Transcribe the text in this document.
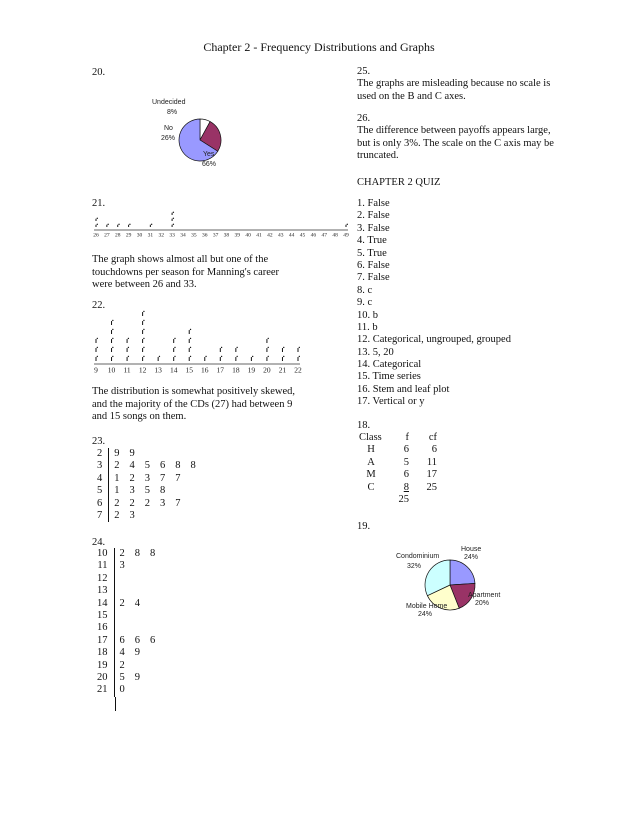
Chapter 2 - Frequency Distributions and Graphs
20.
Undecided
8%
No
26%
Yes
66%
21.
26 27 28 29 30 31 32 33 34 35 36 37 38 39 40 41 42 43 44 45 46 47 48 49
The graph shows almost all but one of the touchdowns per season for Manning's career were between 26 and 33.
22.
9 10 11 12 13 14 15 16 17 18 19 20 21 22
The distribution is somewhat positively skewed, and the majority of the CDs (27) had between 9 and 15 songs on them.
23.
2	9	9				
3	2	4	5	6	8	8
4	1	2	3	7	7	
5	1	3	5	8		
6	2	2	2	3	7	
7	2	3				
24.
10	2	8	8
11	3		
12			
13			
14	2	4	
15			
16			
17	6	6	6
18	4	9	
19	2		
20	5	9	
21	0		
25.
The graphs are misleading because no scale is used on the B and C axes.
26.
The difference between payoffs appears large, but is only 3%. The scale on the C axis may be truncated.
CHAPTER 2 QUIZ
1. False
2. False
3. False
4. True
5. True
6. False
7. False
8. c
9. c
10. b
11. b
12. Categorical, ungrouped, grouped
13. 5, 20
14. Categorical
15. Time series
16. Stem and leaf plot
17. Vertical or y
18.
Class	f	cf
H	6	6
A	5	11
M	6	17
C	8	25
	25	
19.
House
24%
Apartment
20%
Mobile Home
24%
Condominium
32%
